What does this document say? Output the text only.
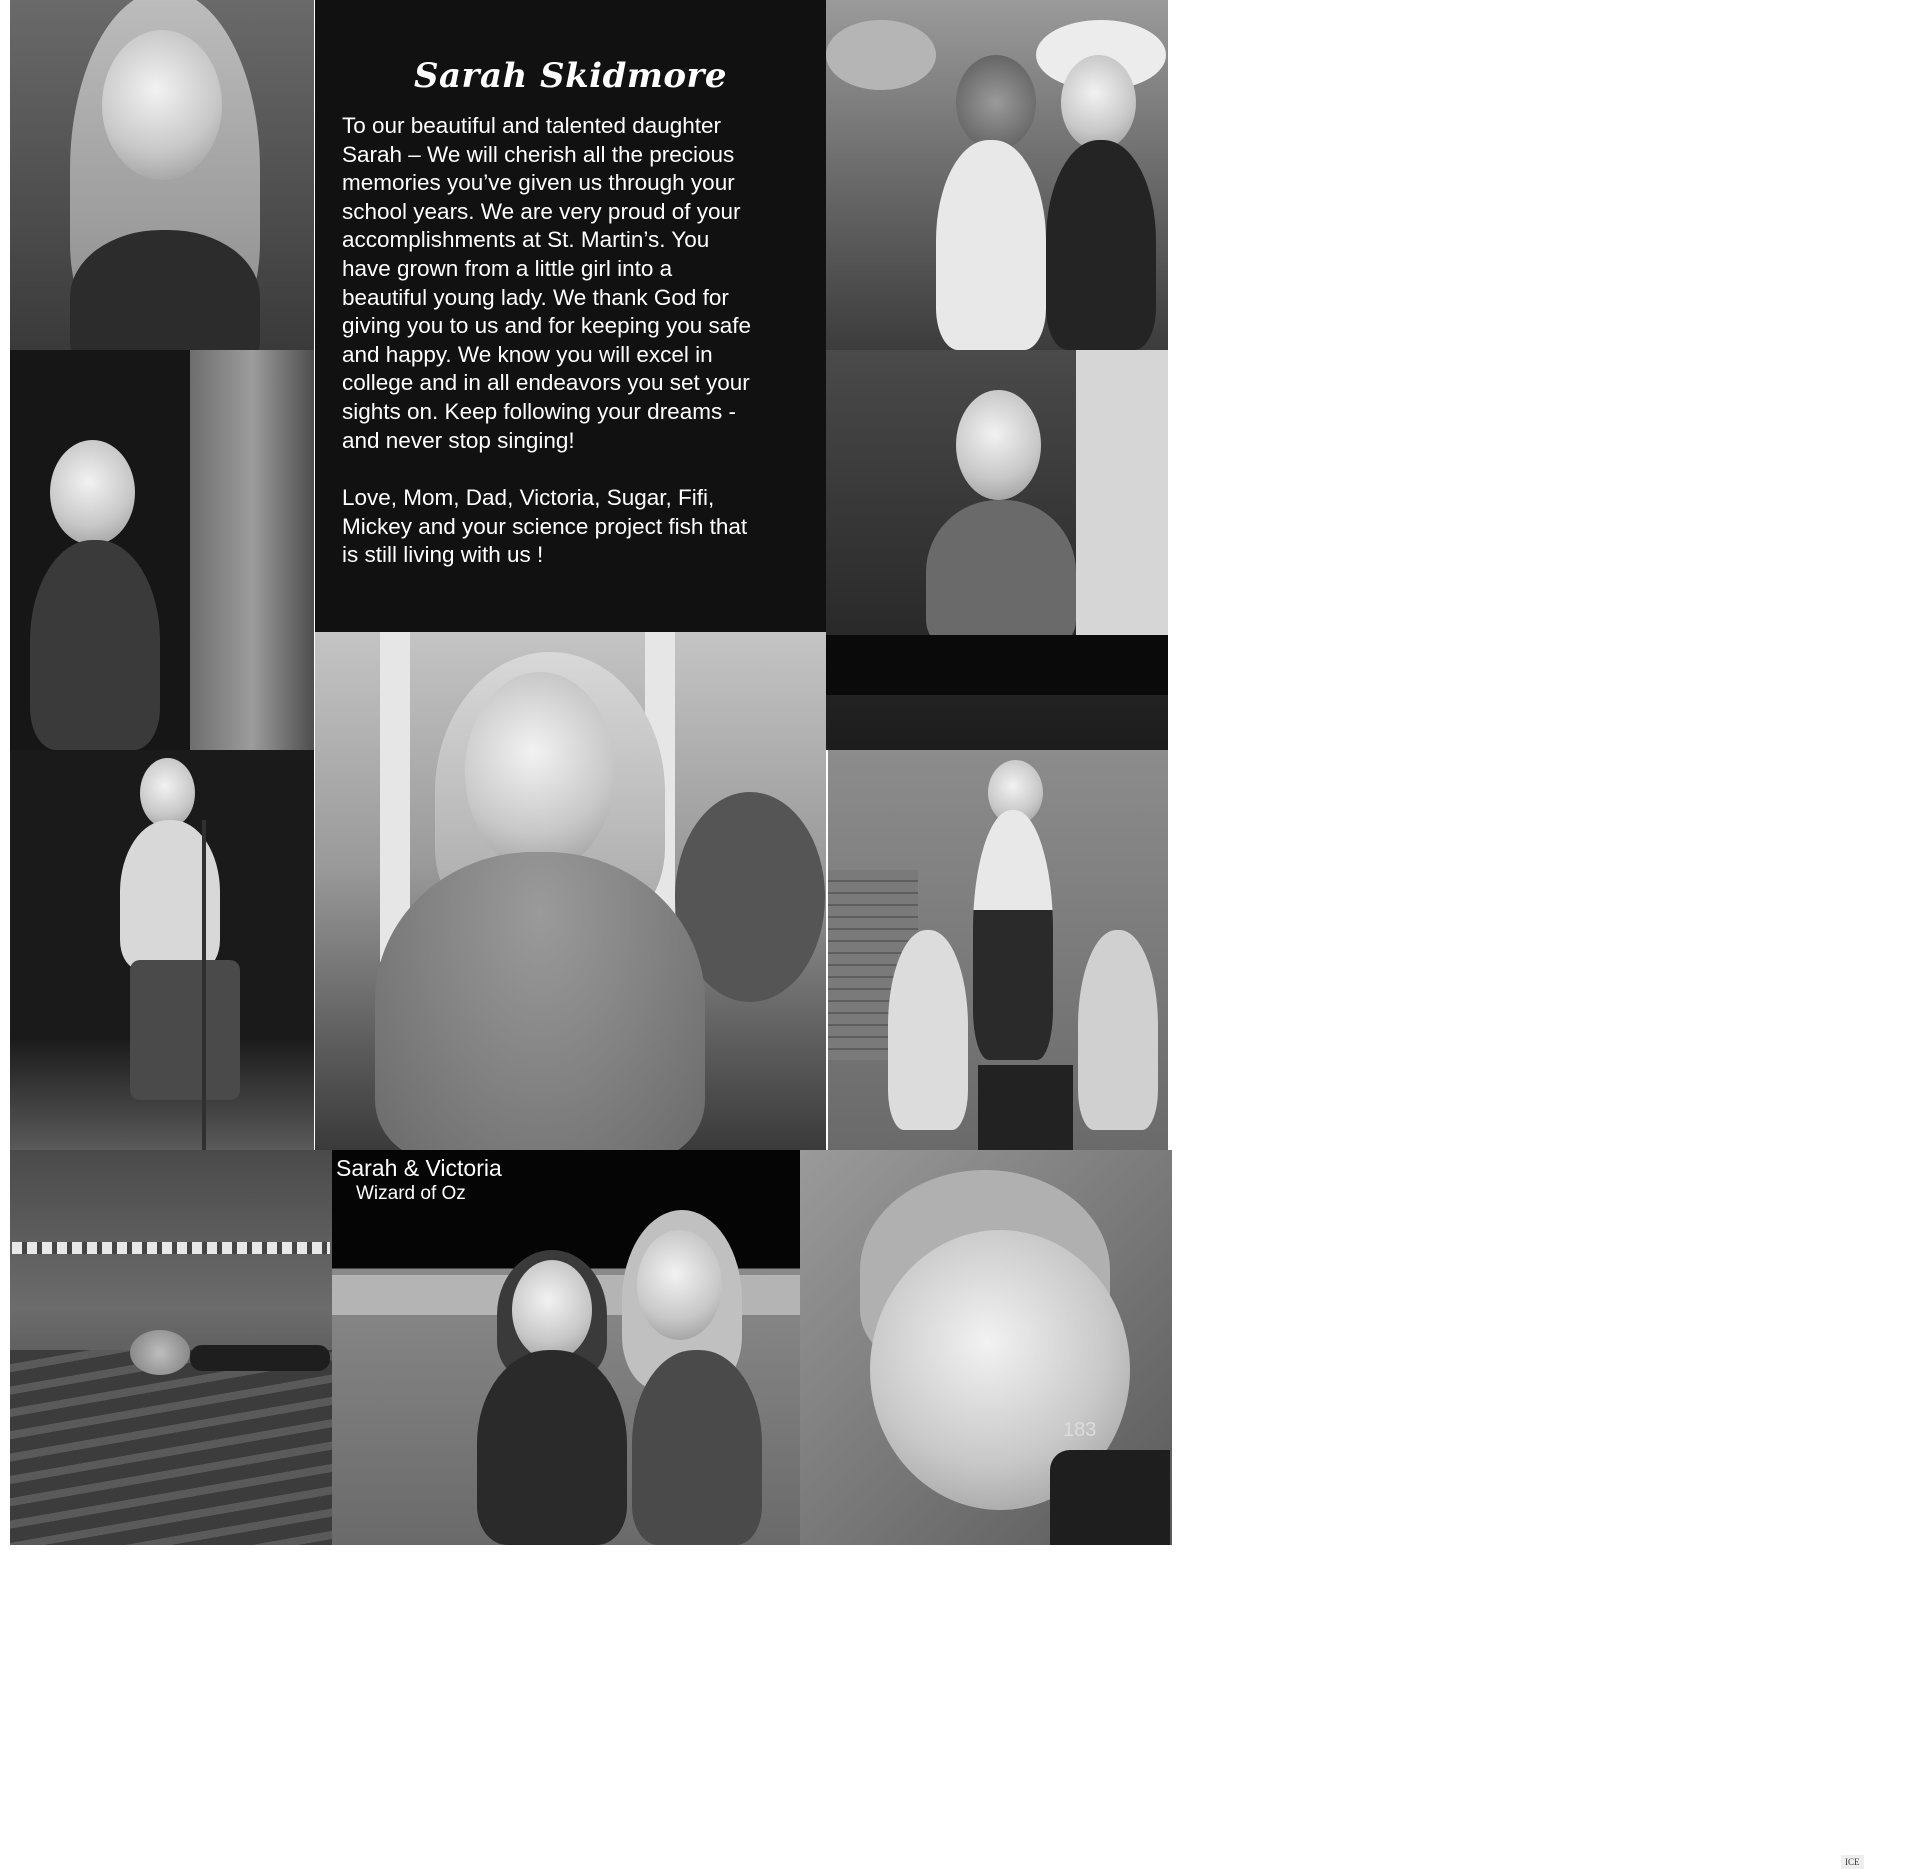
Sarah Skidmore

To our beautiful and talented daughter
Sarah – We will cherish all the precious
memories you’ve given us through your
school years. We are very proud of your
accomplishments at St. Martin’s. You
have grown from a little girl into a
beautiful young lady. We thank God for
giving you to us and for keeping you safe
and happy. We know you will excel in
college and in all endeavors you set your
sights on. Keep following your dreams -
and never stop singing!

Love, Mom, Dad, Victoria, Sugar, Fifi,
Mickey and your science project fish that
is still living with us !

FF-7
ICE
Sarah & Victoria
Wizard of Oz
183
